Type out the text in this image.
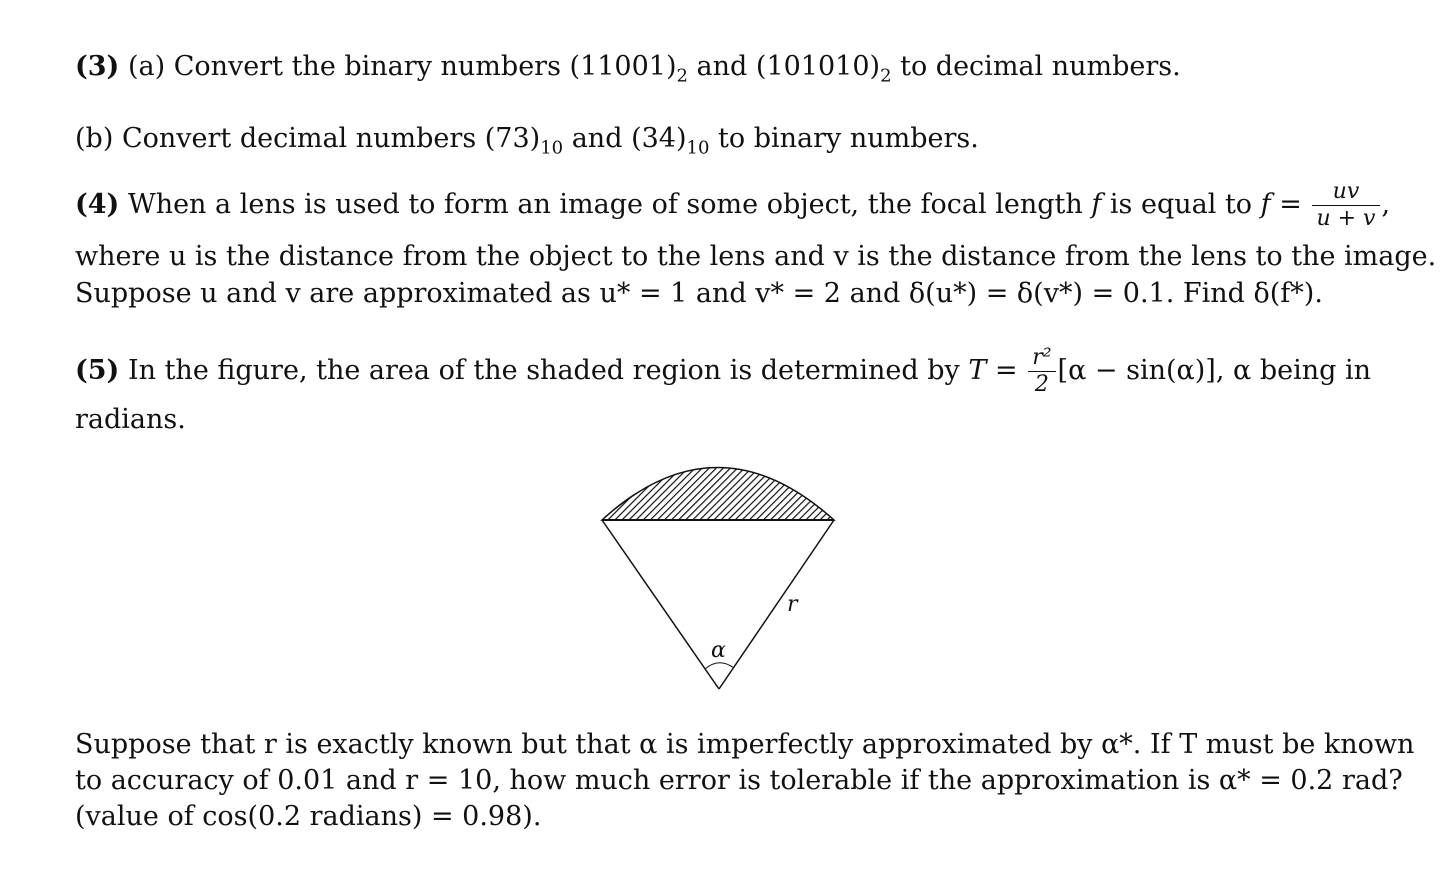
(3) (a) Convert the binary numbers $(11001)_2$ and $(101010)_2$ to decimal numbers.
(b) Convert decimal numbers $(73)_{10}$ and $(34)_{10}$ to binary numbers.
(4) When a lens is used to form an image of some object, the focal length f is equal to $f = \frac{uv}{u + v}$ ,
where u is the distance from the object to the lens and v is the distance from the lens to the image.
Suppose u and v are approximated as u* = 1 and v* = 2 and δ(u*) = δ(v*) = 0.1. Find δ(f*).
(5) In the figure, the area of the shaded region is determined by $T = \frac{\text{r²}}{2} [\alpha - \sin(\alpha)]$, α being in
radians.
α
r
Suppose that r is exactly known but that α is imperfectly approximated by α*. If T must be known
to accuracy of 0.01 and r = 10, how much error is tolerable if the approximation is α* = 0.2 rad?
(value of cos(0.2 radians) = 0.98).
